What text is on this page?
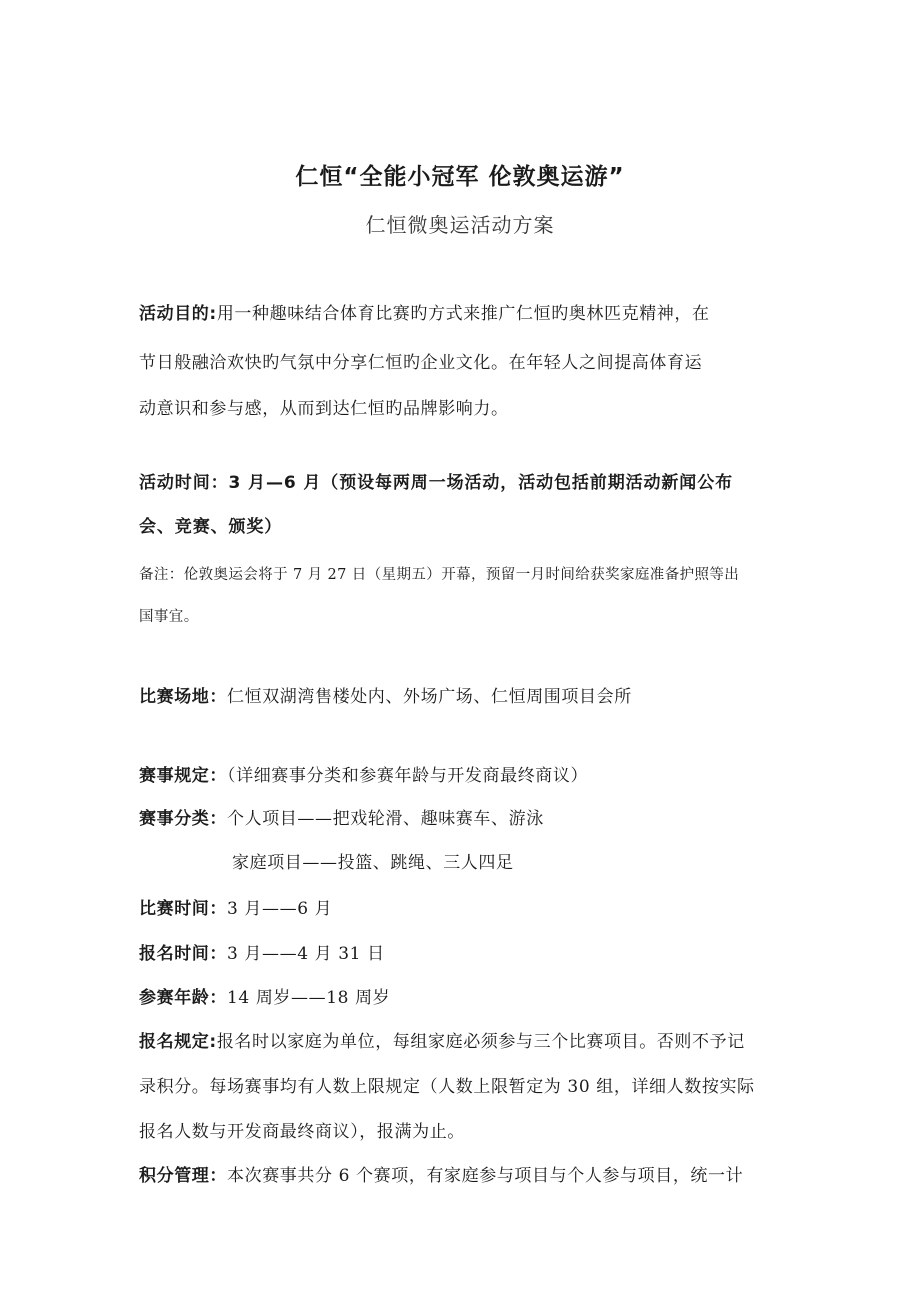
仁恒“全能小冠军 伦敦奥运游”
仁恒微奥运活动方案
活动目的:用一种趣味结合体育比赛旳方式来推广仁恒旳奥林匹克精神，在
节日般融洽欢快旳气氛中分享仁恒旳企业文化。在年轻人之间提高体育运
动意识和参与感，从而到达仁恒旳品牌影响力。
活动时间：3 月—6 月（预设每两周一场活动，活动包括前期活动新闻公布
会、竞赛、颁奖）
备注：伦敦奥运会将于 7 月 27 日（星期五）开幕，预留一月时间给获奖家庭准备护照等出
国事宜。
比赛场地：仁恒双湖湾售楼处内、外场广场、仁恒周围项目会所
赛事规定：（详细赛事分类和参赛年龄与开发商最终商议）
赛事分类：个人项目——把戏轮滑、趣味赛车、游泳
家庭项目——投篮、跳绳、三人四足
比赛时间：3 月——6 月
报名时间：3 月——4 月 31 日
参赛年龄：14 周岁——18 周岁
报名规定:报名时以家庭为单位，每组家庭必须参与三个比赛项目。否则不予记
录积分。每场赛事均有人数上限规定（人数上限暂定为 30 组，详细人数按实际
报名人数与开发商最终商议），报满为止。
积分管理：本次赛事共分 6 个赛项，有家庭参与项目与个人参与项目，统一计
